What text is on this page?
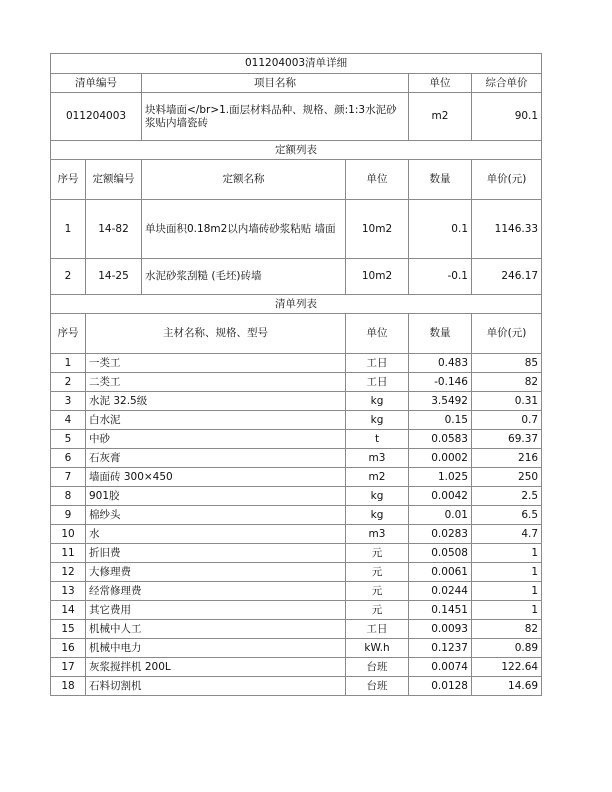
011204003清单详细						
清单编号		项目名称		单位	综合单价	
011204003		块料墙面</br>1.面层材料品种、规格、颜:1:3水泥砂浆贴内墙瓷砖		m2	90.1	
定额列表						
序号	定额编号	定额名称	单位	数量	单价(元)	
1	14-82	单块面积0.18m2以内墙砖砂浆粘贴 墙面	10m2	0.1	1146.33	
2	14-25	水泥砂浆刮糙 (毛坯)砖墙	10m2	-0.1	246.17	
清单列表						
序号	主材名称、规格、型号		单位	数量	单价(元)	
1	一类工		工日	0.483	85	
2	二类工		工日	-0.146	82	
3	水泥 32.5级		kg	3.5492	0.31	
4	白水泥		kg	0.15	0.7	
5	中砂		t	0.0583	69.37	
6	石灰膏		m3	0.0002	216	
7	墙面砖 300×450		m2	1.025	250	
8	901胶		kg	0.0042	2.5	
9	棉纱头		kg	0.01	6.5	
10	水		m3	0.0283	4.7	
11	折旧费		元	0.0508	1	
12	大修理费		元	0.0061	1	
13	经常修理费		元	0.0244	1	
14	其它费用		元	0.1451	1	
15	机械中人工		工日	0.0093	82	
16	机械中电力		kW.h	0.1237	0.89	
17	灰浆搅拌机 200L		台班	0.0074	122.64	
18	石料切割机		台班	0.0128	14.69	
